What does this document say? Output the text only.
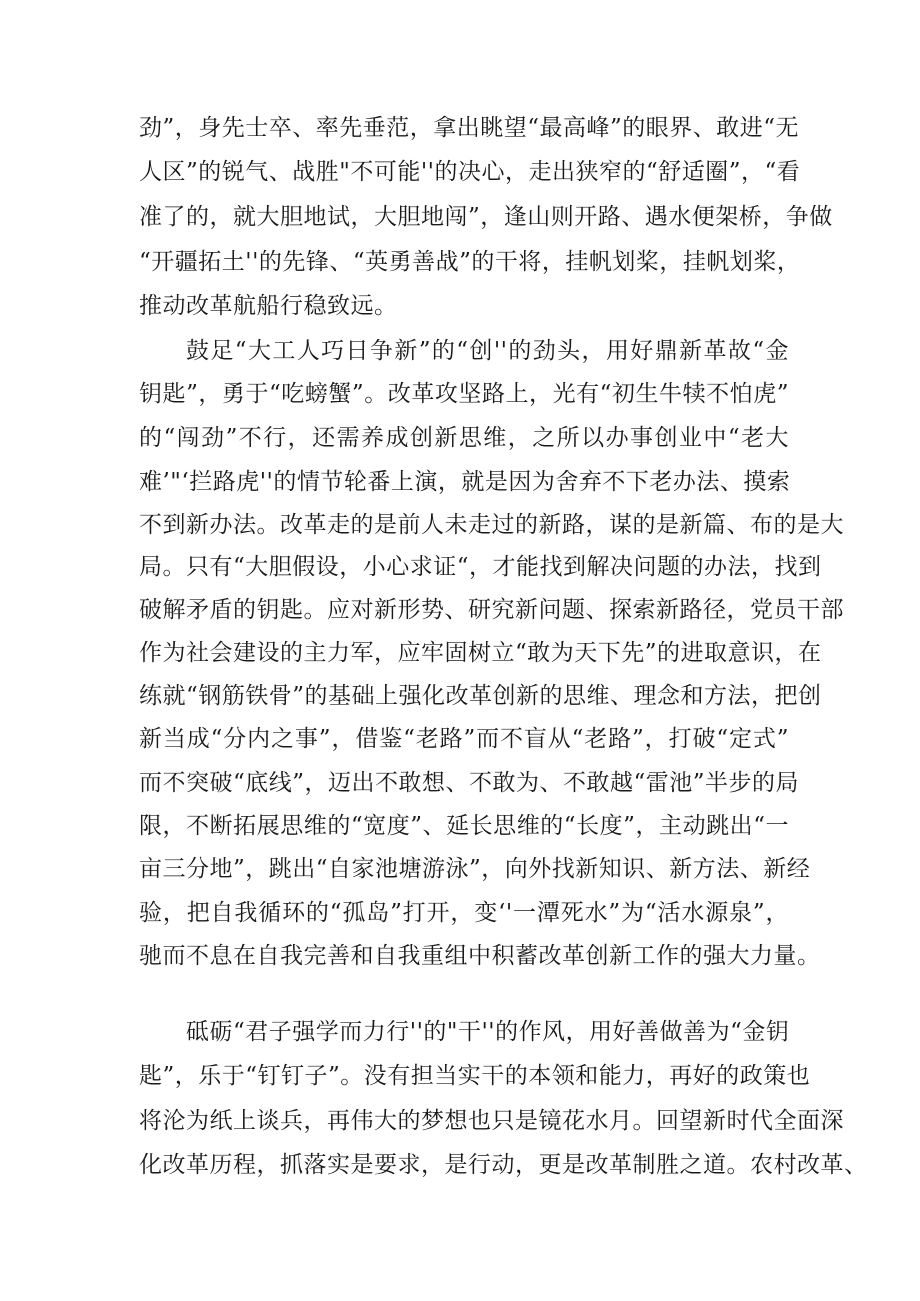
劲”，身先士卒、率先垂范，拿出眺望“最高峰”的眼界、敢进“无
人区”的锐气、战胜"不可能''的决心，走出狭窄的“舒适圈”，“看
准了的，就大胆地试，大胆地闯”，逢山则开路、遇水便架桥，争做
“开疆拓土''的先锋、“英勇善战”的干将，挂帆划桨，挂帆划桨，
推动改革航船行稳致远。
鼓足“大工人巧日争新”的“创''的劲头，用好鼎新革故“金
钥匙”，勇于“吃螃蟹”。改革攻坚路上，光有“初生牛犊不怕虎”
的“闯劲”不行，还需养成创新思维，之所以办事创业中“老大
难’"‘拦路虎''的情节轮番上演，就是因为舍弃不下老办法、摸索
不到新办法。改革走的是前人未走过的新路，谋的是新篇、布的是大
局。只有“大胆假设，小心求证“，才能找到解决问题的办法，找到
破解矛盾的钥匙。应对新形势、研究新问题、探索新路径，党员干部
作为社会建设的主力军，应牢固树立“敢为天下先”的进取意识，在
练就“钢筋铁骨”的基础上强化改革创新的思维、理念和方法，把创
新当成“分内之事”，借鉴“老路”而不盲从“老路”，打破“定式”
而不突破“底线”，迈出不敢想、不敢为、不敢越“雷池”半步的局
限，不断拓展思维的“宽度”、延长思维的“长度”，主动跳出“一
亩三分地”，跳出“自家池塘游泳”，向外找新知识、新方法、新经
验，把自我循环的“孤岛”打开，变‘'一潭死水”为“活水源泉”，
驰而不息在自我完善和自我重组中积蓄改革创新工作的强大力量。
砥砺“君子强学而力行''的"干''的作风，用好善做善为“金钥
匙”，乐于“钉钉子”。没有担当实干的本领和能力，再好的政策也
将沦为纸上谈兵，再伟大的梦想也只是镜花水月。回望新时代全面深
化改革历程，抓落实是要求，是行动，更是改革制胜之道。农村改革、
